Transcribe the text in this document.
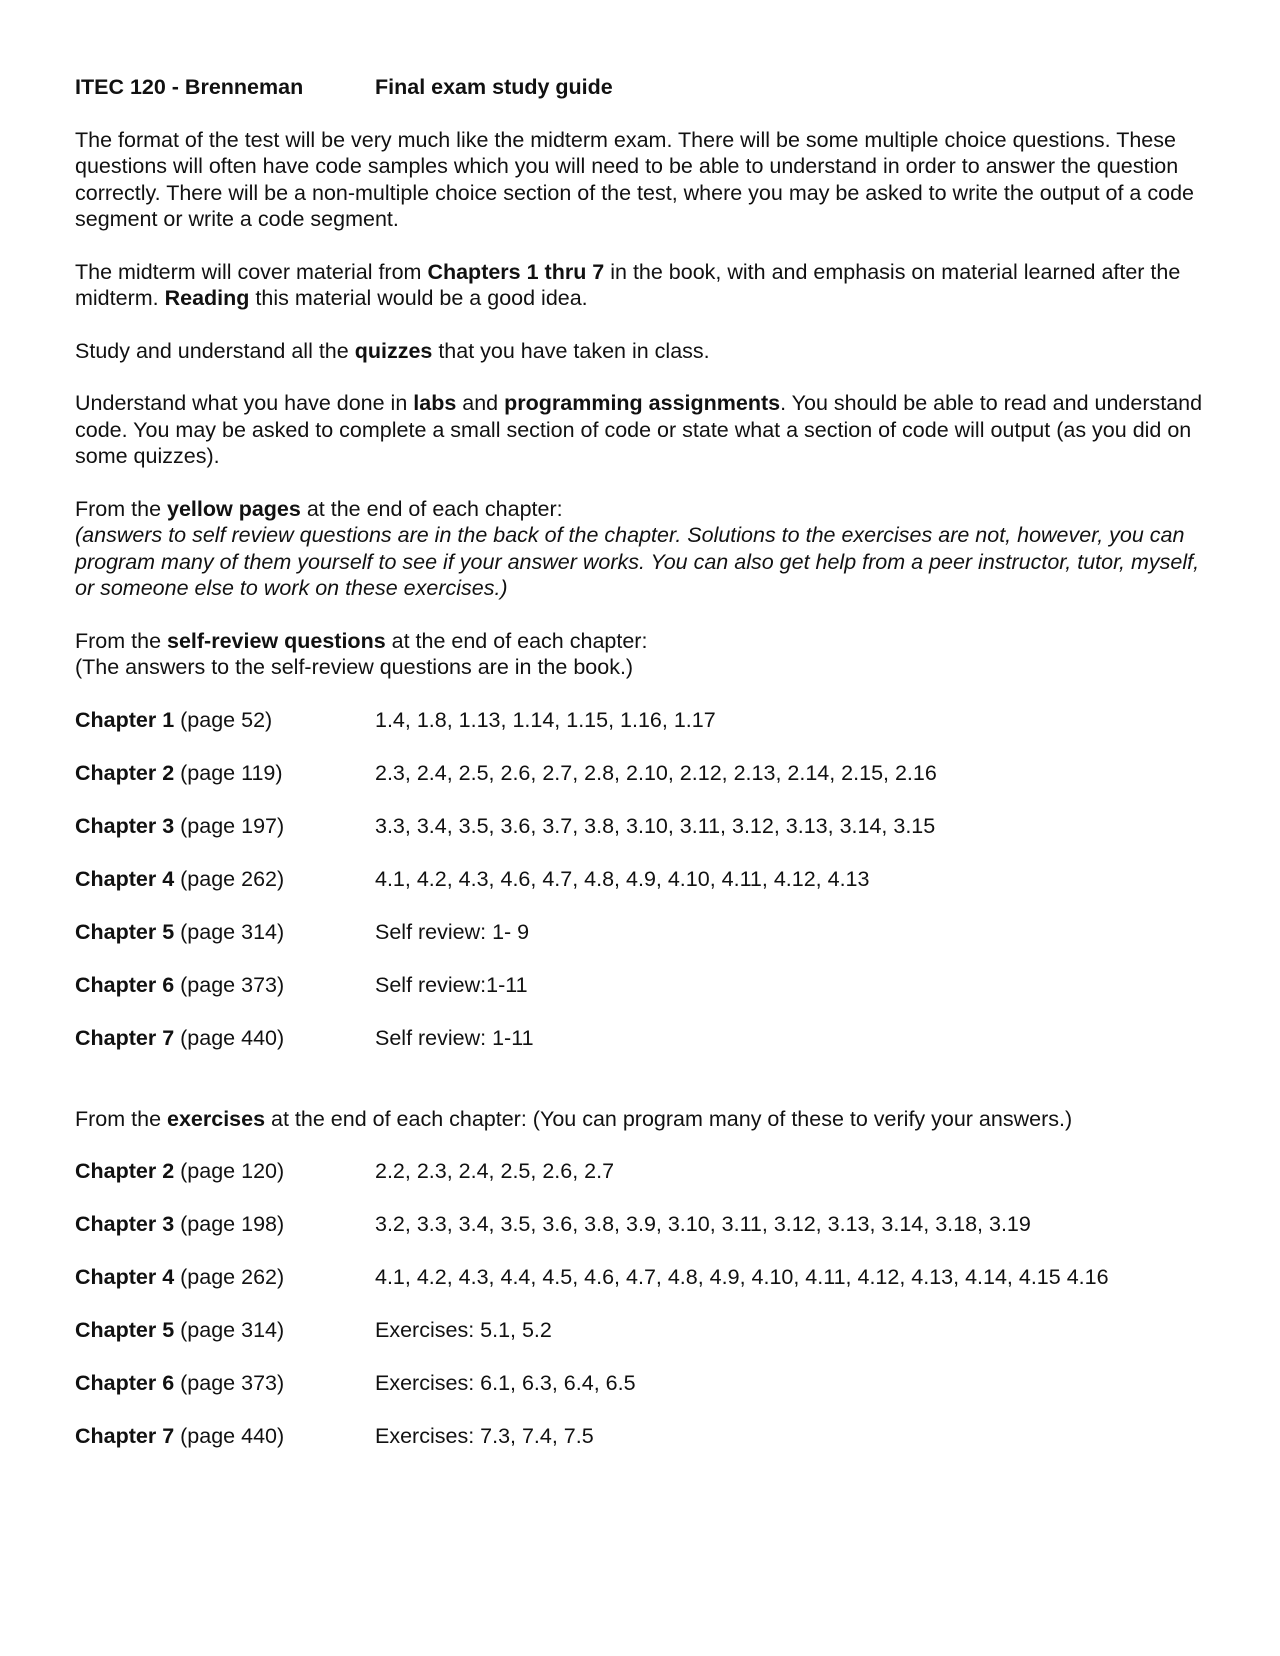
ITEC 120 - Brenneman	Final exam study guide

The format of the test will be very much like the midterm exam. There will be some multiple choice questions. These questions will often have code samples which you will need to be able to understand in order to answer the question correctly. There will be a non-multiple choice section of the test, where you may be asked to write the output of a code segment or write a code segment.

The midterm will cover material from Chapters 1 thru 7 in the book, with and emphasis on material learned after the midterm. Reading this material would be a good idea.

Study and understand all the quizzes that you have taken in class.

Understand what you have done in labs and programming assignments. You should be able to read and understand code. You may be asked to complete a small section of code or state what a section of code will output (as you did on some quizzes).

From the yellow pages at the end of each chapter:
(answers to self review questions are in the back of the chapter. Solutions to the exercises are not, however, you can program many of them yourself to see if your answer works. You can also get help from a peer instructor, tutor, myself, or someone else to work on these exercises.)

From the self-review questions at the end of each chapter:
(The answers to the self-review questions are in the book.)

Chapter 1 (page 52)	1.4, 1.8, 1.13, 1.14, 1.15, 1.16, 1.17
Chapter 2 (page 119)	2.3, 2.4, 2.5, 2.6, 2.7, 2.8, 2.10, 2.12, 2.13, 2.14, 2.15, 2.16
Chapter 3 (page 197)	3.3, 3.4, 3.5, 3.6, 3.7, 3.8, 3.10, 3.11, 3.12, 3.13, 3.14, 3.15
Chapter 4 (page 262)	4.1, 4.2, 4.3, 4.6, 4.7, 4.8, 4.9, 4.10, 4.11, 4.12, 4.13
Chapter 5 (page 314)	Self review: 1- 9
Chapter 6 (page 373)	Self review:1-11
Chapter 7 (page 440)	Self review: 1-11

From the exercises at the end of each chapter: (You can program many of these to verify your answers.)

Chapter 2 (page 120)	2.2, 2.3, 2.4, 2.5, 2.6, 2.7
Chapter 3 (page 198)	3.2, 3.3, 3.4, 3.5, 3.6, 3.8, 3.9, 3.10, 3.11, 3.12, 3.13, 3.14, 3.18, 3.19
Chapter 4 (page 262)	4.1, 4.2, 4.3, 4.4, 4.5, 4.6, 4.7, 4.8, 4.9, 4.10, 4.11, 4.12, 4.13, 4.14, 4.15 4.16
Chapter 5 (page 314)	Exercises: 5.1, 5.2
Chapter 6 (page 373)	Exercises: 6.1, 6.3, 6.4, 6.5
Chapter 7 (page 440)	Exercises: 7.3, 7.4, 7.5
